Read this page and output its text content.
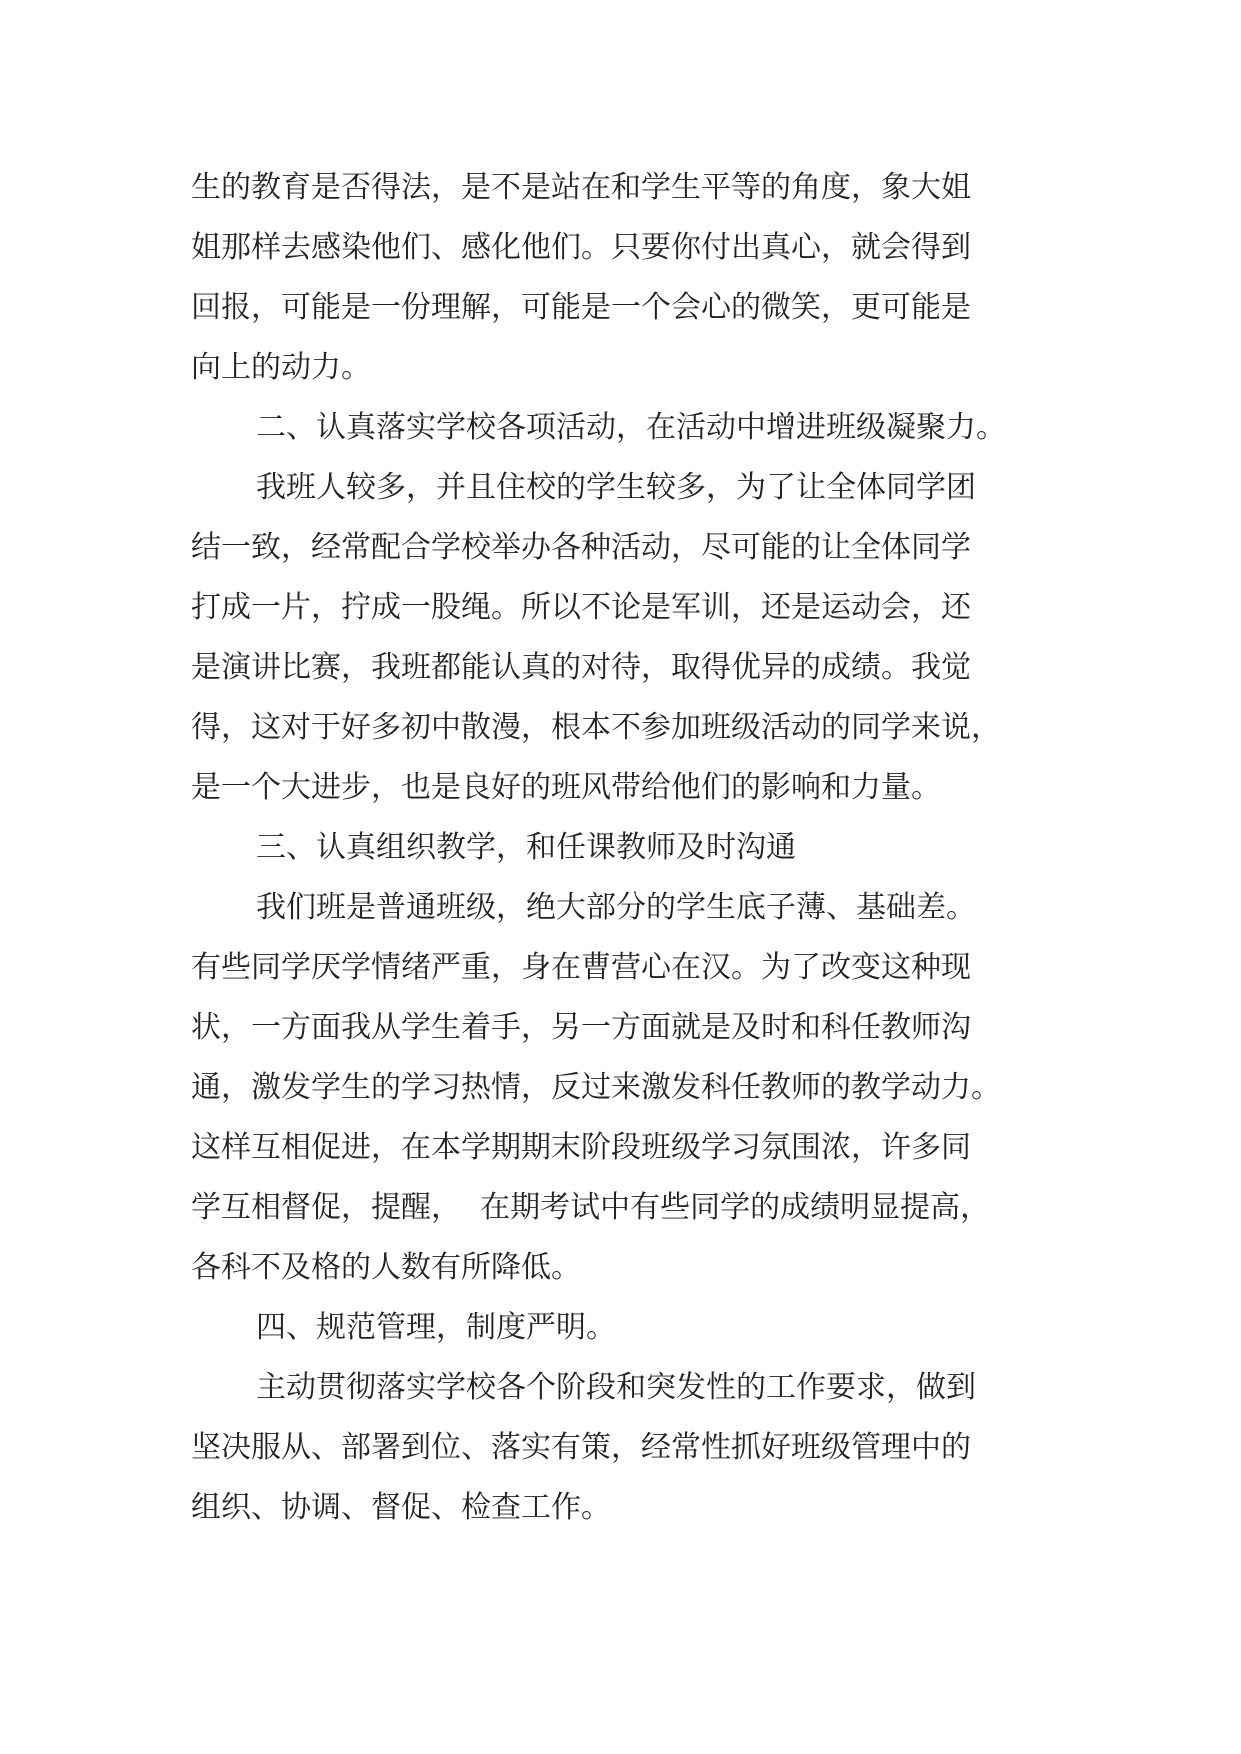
生的教育是否得法，是不是站在和学生平等的角度，象大姐
姐那样去感染他们、感化他们。只要你付出真心，就会得到
回报，可能是一份理解，可能是一个会心的微笑，更可能是
向上的动力。
二、认真落实学校各项活动，在活动中增进班级凝聚力。
我班人较多，并且住校的学生较多，为了让全体同学团
结一致，经常配合学校举办各种活动，尽可能的让全体同学
打成一片，拧成一股绳。所以不论是军训，还是运动会，还
是演讲比赛，我班都能认真的对待，取得优异的成绩。我觉
得，这对于好多初中散漫，根本不参加班级活动的同学来说，
是一个大进步，也是良好的班风带给他们的影响和力量。
三、认真组织教学，和任课教师及时沟通
我们班是普通班级，绝大部分的学生底子薄、基础差。
有些同学厌学情绪严重，身在曹营心在汉。为了改变这种现
状，一方面我从学生着手，另一方面就是及时和科任教师沟
通，激发学生的学习热情，反过来激发科任教师的教学动力。
这样互相促进，在本学期期末阶段班级学习氛围浓，许多同
学互相督促，提醒，  在期考试中有些同学的成绩明显提高，
各科不及格的人数有所降低。
四、规范管理，制度严明。
主动贯彻落实学校各个阶段和突发性的工作要求，做到
坚决服从、部署到位、落实有策，经常性抓好班级管理中的
组织、协调、督促、检查工作。
